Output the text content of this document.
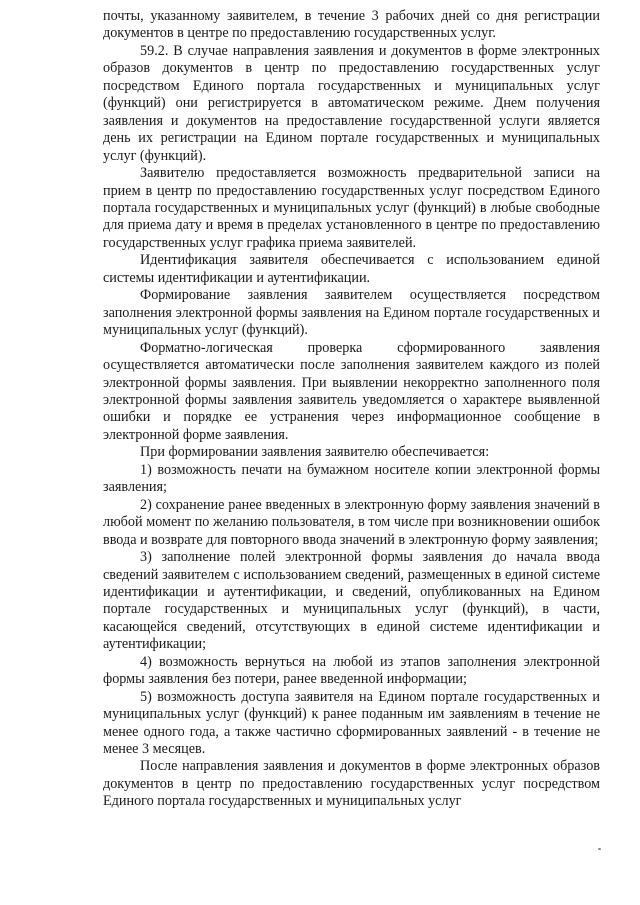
почты, указанному заявителем, в течение 3 рабочих дней со дня регистрации документов в центре по предоставлению государственных услуг.

59.2. В случае направления заявления и документов в форме электронных образов документов в центр по предоставлению государственных услуг посредством Единого портала государственных и муниципальных услуг (функций) они регистрируется в автоматическом режиме. Днем получения заявления и документов на предоставление государственной услуги является день их регистрации на Едином портале государственных и муниципальных услуг (функций).

Заявителю предоставляется возможность предварительной записи на прием в центр по предоставлению государственных услуг посредством Единого портала государственных и муниципальных услуг (функций) в любые свободные для приема дату и время в пределах установленного в центре по предоставлению государственных услуг графика приема заявителей.

Идентификация заявителя обеспечивается с использованием единой системы идентификации и аутентификации.

Формирование заявления заявителем осуществляется посредством заполнения электронной формы заявления на Едином портале государственных и муниципальных услуг (функций).

Форматно-логическая проверка сформированного заявления осуществляется автоматически после заполнения заявителем каждого из полей электронной формы заявления. При выявлении некорректно заполненного поля электронной формы заявления заявитель уведомляется о характере выявленной ошибки и порядке ее устранения через информационное сообщение в электронной форме заявления.

При формировании заявления заявителю обеспечивается:

1) возможность печати на бумажном носителе копии электронной формы заявления;

2) сохранение ранее введенных в электронную форму заявления значений в любой момент по желанию пользователя, в том числе при возникновении ошибок ввода и возврате для повторного ввода значений в электронную форму заявления;

3) заполнение полей электронной формы заявления до начала ввода сведений заявителем с использованием сведений, размещенных в единой системе идентификации и аутентификации, и сведений, опубликованных на Едином портале государственных и муниципальных услуг (функций), в части, касающейся сведений, отсутствующих в единой системе идентификации и аутентификации;

4) возможность вернуться на любой из этапов заполнения электронной формы заявления без потери, ранее введенной информации;

5) возможность доступа заявителя на Едином портале государственных и муниципальных услуг (функций) к ранее поданным им заявлениям в течение не менее одного года, а также частично сформированных заявлений - в течение не менее 3 месяцев.

После направления заявления и документов в форме электронных образов документов в центр по предоставлению государственных услуг посредством Единого портала государственных и муниципальных услуг
